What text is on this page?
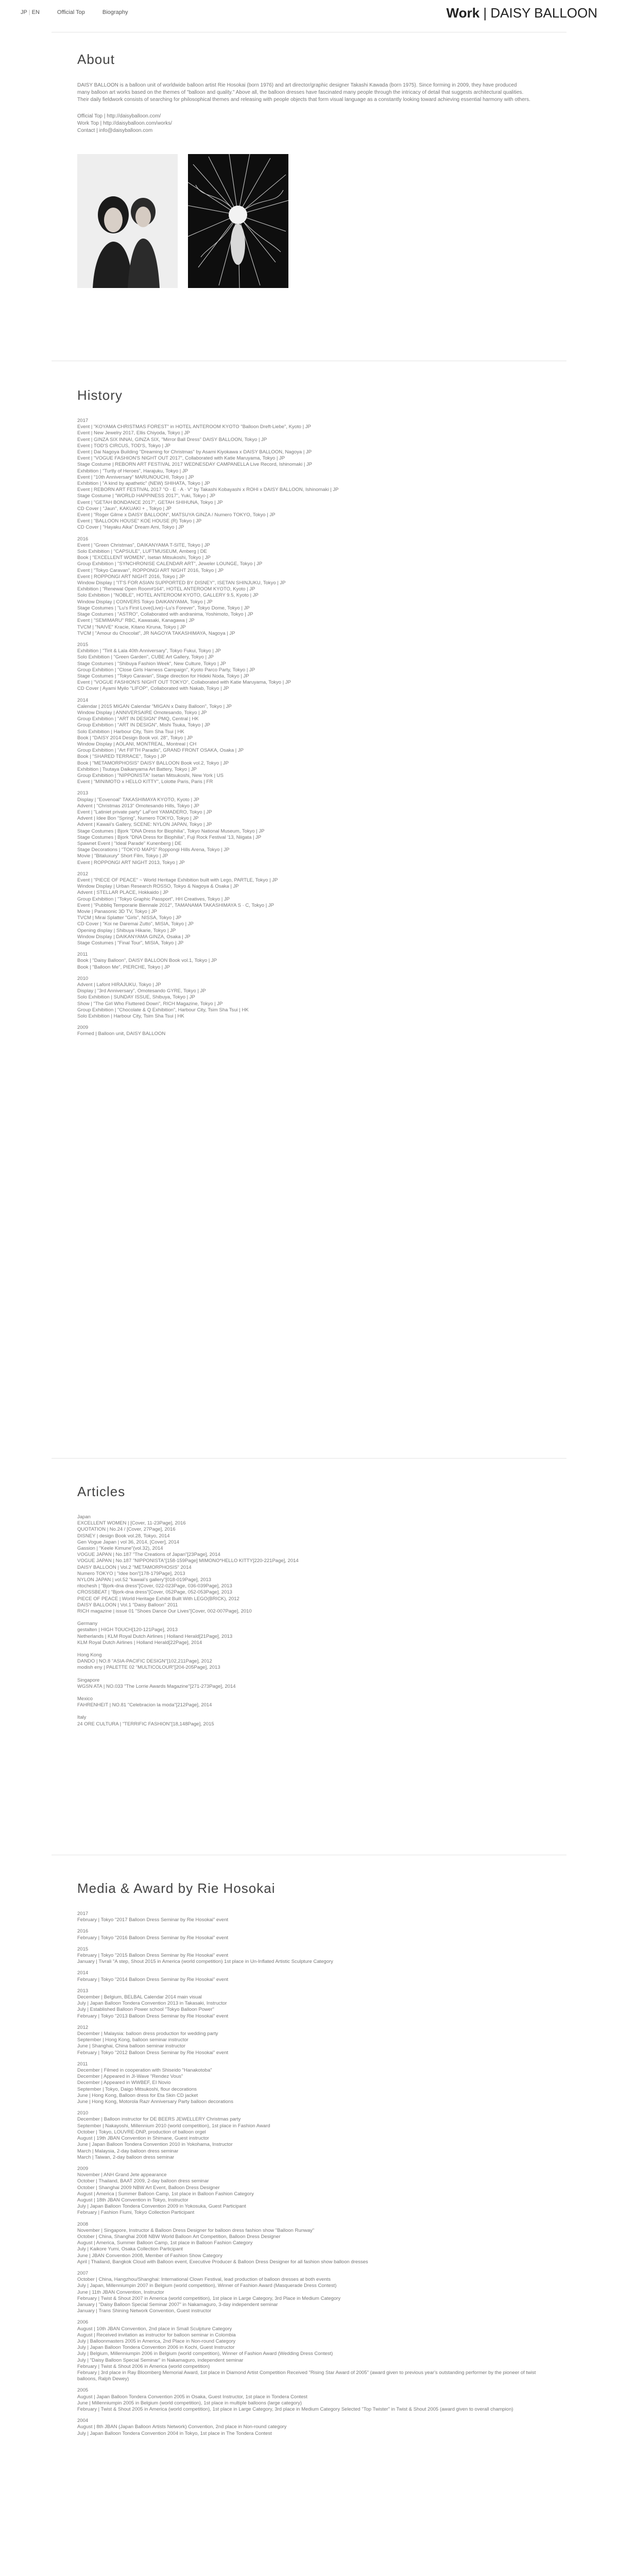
JP | EN	Official Top	Biography	Work | DAISY BALLOON
About
DAISY BALLOON is a balloon unit of worldwide balloon artist Rie Hosokai (born 1976) and art director/graphic designer Takashi Kawada (born 1975). Since forming in 2009, they have produced many balloon art works based on the themes of "balloon and quality." Above all, the balloon dresses have fascinated many people through the intricacy of detail that suggests architectural qualities. Their daily fieldwork consists of searching for philosophical themes and releasing with people objects that form visual language as a constantly looking toward achieving essential harmony with others.
Official Top | http://daisyballoon.com/
Work Top | http://daisyballoon.com/works/
Contact | info@daisyballoon.com
History
2017
Event | "KOYAMA CHRISTMAS FOREST" in HOTEL ANTEROOM KYOTO "Balloon Dreft-Liebe", Kyoto | JP
Event | New Jewelry 2017, Ellis Chiyoda, Tokyo | JP
Event | GINZA SIX INNAI, GINZA SIX, "Mirror Ball Dress" DAISY BALLOON, Tokyo | JP
Event | TOD'S CIRCUS, TOD'S, Tokyo | JP
Event | Dai Nagoya Building "Dreaming for Christmas" by Asami Kiyokawa x DAISY BALLOON, Nagoya | JP
Event | "VOGUE FASHION'S NIGHT OUT 2017", Collaborated with Katie Maruyama, Tokyo | JP
Stage Costume | REBORN ART FESTIVAL 2017 WEDNESDAY CAMPANELLA Live Record, Ishinomaki | JP
Exhibition | "Turtly of Heroes", Harajuku, Tokyo | JP
Event | "10th Anniversary" MARUNOUCHI, Tokyo | JP
Exhibition | "A kind by apathetic" (NEW) SHIHATA, Tokyo | JP
Event | REBORN ART FESTIVAL 2017 "O · E · A · V" by Takashi Kobayashi x ROHI x DAISY BALLOON, Ishinomaki | JP
Stage Costume | "WORLD HAPPINESS 2017", Yuki, Tokyo | JP
Event | "GETAH BONDANCE 2017", GETAH SHIHUNA, Tokyo | JP
CD Cover | "Jaun", KAKUAKI + , Tokyo | JP
Event | "Roger Gilme x DAISY BALLOON", MATSUYA GINZA / Numero TOKYO, Tokyo | JP
Event | "BALLOON HOUSE" KOE HOUSE (R) Tokyo | JP
CD Cover | "Hayaku Aika" Dream Ami, Tokyo | JP
2016
Event | "Green Christmas", DAIKANYAMA T-SITE, Tokyo | JP
Solo Exhibition | "CAPSULE", LUFTMUSEUM, Amberg | DE
Book | "EXCELLENT WOMEN", Isetan Mitsukoshi, Tokyo | JP
Group Exhibition | "SYNCHRONISE CALENDAR ART", Jeweler LOUNGE, Tokyo | JP
Event | "Tokyo Caravan", ROPPONGI ART NIGHT 2016, Tokyo | JP
Event | ROPPONGI ART NIGHT 2016, Tokyo | JP
Window Display | "IT'S FOR ASIAN SUPPORTED BY DISNEY", ISETAN SHINJUKU, Tokyo | JP
Exhibition | "Renewal Open Room#164", HOTEL ANTEROOM KYOTO, Kyoto | JP
Solo Exhibition | "NOBLE", HOTEL ANTEROOM KYOTO, GALLERY 9.5, Kyoto | JP
Window Display | CONVERS Tokyo DAIKANYAMA, Tokyo | JP
Stage Costumes | "Lu's First Love(Live)~Lu's Forever", Tokyo Dome, Tokyo | JP
Stage Costumes | "ASTRO", Collaborated with andranima, Yoshimoto, Tokyo | JP
Event | "SEMIMARU" RBC, Kawasaki, Kanagawa | JP
TVCM | "NAIVE" Kracie, Kitano Kiruna, Tokyo | JP
TVCM | "Amour du Chocolat", JR NAGOYA TAKASHIMAYA, Nagoya | JP
2015
Exhibition | "Tirit & Lala 40th Anniversary", Tokyo Fukui, Tokyo | JP
Solo Exhibition | "Green Garden", CUBE Art Gallery, Tokyo | JP
Stage Costumes | "Shibuya Fashion Week", New Culture, Tokyo | JP
Group Exhibition | "Close Girls Harness Campaign", Kyoto Parco Party, Tokyo | JP
Stage Costumes | "Tokyo Caravan", Stage direction for Hideki Noda, Tokyo | JP
Event | "VOGUE FASHION'S NIGHT OUT TOKYO", Collaborated with Katie Maruyama, Tokyo | JP
CD Cover | Ayami Myilo "LIFOP", Collaborated with Nakab, Tokyo | JP
2014
Calendar | 2015 MIGAN Calendar "MIGAN x Daisy Balloon", Tokyo | JP
Window Display | ANNIVERSAIRE Omotesando, Tokyo | JP
Group Exhibition | "ART IN DESIGN" PMQ, Central | HK
Group Exhibition | "ART IN DESIGN", Mishi Tsuka, Tokyo | JP
Solo Exhibition | Harbour City, Tsim Sha Tsui | HK
Book | "DAISY 2014 Design Book vol. 28", Tokyo | JP
Window Display | AOLANI, MONTREAL, Montreal | CH
Group Exhibition | "Art FIFTH Paradis", GRAND FRONT OSAKA, Osaka | JP
Book | "SHARED TERRACE", Tokyo | JP
Book | "METAMORPHOSIS" DAISY BALLOON Book vol.2, Tokyo | JP
Exhibition | Tsutaya Daikanyama Art Battery, Tokyo | JP
Group Exhibition | "NIPPONISTA" Isetan Mitsukoshi, New York | US
Event | "MINIMOTO x HELLO KITTY", Lolotte Paris, Paris | FR
2013
Display | "Eovenoal" TAKASHIMAYA KYOTO, Kyoto | JP
Advent | "Christmas 2013" Omotesando Hills, Tokyo | JP
Event | "Latiniet private party" LaFont YAMADERO, Tokyo | JP
Advent | Idee Bon "Spring", Numero TOKYO, Tokyo | JP
Advent | Kawaii's Gallery, SCENE: NYLON JAPAN, Tokyo | JP
Stage Costumes | Bjork "DNA Dress for Biophilia", Tokyo National Museum, Tokyo | JP
Stage Costumes | Bjork "DNA Dress for Biophilia", Fuji Rock Festival '13, Niigata | JP
Spawnet Event | "Ideal Parade" Kunenberg | DE
Stage Decorations | "TOKYO MAPS" Roppongi Hills Arena, Tokyo | JP
Movie | "Bitaluxury" Short Film, Tokyo | JP
Event | ROPPONGI ART NIGHT 2013, Tokyo | JP
2012
Event | "PIECE OF PEACE" ~ World Heritage Exhibition built with Lego, PARTLE, Tokyo | JP
Window Display | Urban Research ROSSO, Tokyo & Nagoya & Osaka | JP
Advent | STELLAR PLACE, Hokkaido | JP
Group Exhibition | "Tokyo Graphic Passport", HH Creatives, Tokyo | JP
Event | "Pubbliq Temporarie Biennale 2012", TAMANAMA TAKASHIMAYA S · C, Tokyo | JP
Movie | Panasonic 3D TV, Tokyo | JP
TVCM | Mirai Splatter "Girls", NISSA, Tokyo | JP
CD Cover | "Koi ne Daremai Zutto", MISIA, Tokyo | JP
Opening display | Shibuya Hikarie, Tokyo | JP
Window Display | DAIKANYAMA GINZA, Osaka | JP
Stage Costumes | "Final Tour", MISIA, Tokyo | JP
2011
Book | "Daisy Balloon", DAISY BALLOON Book vol.1, Tokyo | JP
Book | "Balloon Me", PIERCHE, Tokyo | JP
2010
Advent | Lafont HIRAJUKU, Tokyo | JP
Display | "3rd Anniversary", Omotesando GYRE, Tokyo | JP
Solo Exhibition | SUNDAY ISSUE, Shibuya, Tokyo | JP
Show | "The Girl Who Fluttered Down", RICH Magazine, Tokyo | JP
Group Exhibition | "Chocolate & Q Exhibition", Harbour City, Tsim Sha Tsui | HK
Solo Exhibition | Harbour City, Tsim Sha Tsui | HK
2009
Formed | Balloon unit, DAISY BALLOON
Articles
Japan
EXCELLENT WOMEN | [Cover, 11-23Page], 2016
QUOTATION | No.24 / [Cover, 27Page], 2016
DISNEY | design Book vol.28, Tokyo, 2014
Gen Vogue Japan | vol 36, 2014, [Cover], 2014
Gassion | "Keele Kimune"(vol.32), 2014
VOGUE JAPAN | No.187 "The Creations of Japan"[23Page], 2014
VOGUE JAPAN | No.187 "NIPPONISTA"[158-159Page] MIMONO*HELLO KITTY[220-221Page], 2014
DAISY BALLOON | Vol.2 "METAMORPHOSIS" 2014
Numero TOKYO | "Idee bon"[178-179Page], 2013
NYLON JAPAN | vol.52 "kawaii's gallery"[018-019Page], 2013
ritochesh | "Bjork-dna dress"[Cover, 022-023Page, 036-039Page], 2013
CROSSBEAT | "Bjork-dna dress"[Cover, 052Page, 052-053Page], 2013
PIECE OF PEACE | World Heritage Exhibit Built With LEGO(BRICK), 2012
DAISY BALLOON | Vol.1 "Daisy Balloon" 2011
RICH magazine | issue 01 "Shoes Dance Our Lives"[Cover, 002-007Page], 2010
Germany
gestalten | HIGH TOUCH[120-121Page], 2013
Netherlands | KLM Royal Dutch Airlines | Holland Herald[21Page], 2013
KLM Royal Dutch Airlines | Holland Herald[22Page], 2014
Hong Kong
DANDO | NO.8 "ASIA-PACIFIC DESIGN"[102,211Page], 2012
modish eny | PALETTE 02 "MULTICOLOUR"[204-205Page], 2013
Singapore
WGSN ATA | NO.033 "The Lorrie Awards Magazine"[271-273Page], 2014
Mexico
FAHRENHEIT | NO.81 "Celebracion la moda"[212Page], 2014
Italy
24 ORE CULTURA | "TERRIFIC FASHION"[18,148Page], 2015
Media & Award by Rie Hosokai
2017
February | Tokyo "2017 Balloon Dress Seminar by Rie Hosokai" event
2016
February | Tokyo "2016 Balloon Dress Seminar by Rie Hosokai" event
2015
February | Tokyo "2015 Balloon Dress Seminar by Rie Hosokai" event
January | Tivrali "A step, Shout 2015 in America (world competition) 1st place in Un-Inflated Artistic Sculpture Category
2014
February | Tokyo "2014 Balloon Dress Seminar by Rie Hosokai" event
2013
December | Belgium, BELBAL Calendar 2014 main visual
July | Japan Balloon Tondera Convention 2013 in Takasaki, Instructor
July | Established Balloon Power school "Tokyo Balloon Power"
February | Tokyo "2013 Balloon Dress Seminar by Rie Hosokai" event
2012
December | Malaysia: balloon dress production for wedding party
September | Hong Kong, balloon seminar instructor
June | Shanghai, China balloon seminar instructor
February | Tokyo "2012 Balloon Dress Seminar by Rie Hosokai" event
2011
December | Filmed in cooperation with Shiseido "Hanakotoba"
December | Appeared in JI-Wave "Rendez Vous"
December | Appeared in WWBEF, EI Novio
September | Tokyo, Daigo Mitsukoshi, flour decorations
June | Hong Kong, Balloon dress for Eta Skin CD jacket
June | Hong Kong, Motorola Razr Anniversary Party balloon decorations
2010
December | Balloon instructor for DE BEERS JEWELLERY Christmas party
September | Nakayoshi, Millennium 2010 (world competition), 1st place in Fashion Award
October | Tokyo, LOUVRE-DNP, production of balloon orgel
August | 19th JBAN Convention in Shimane, Guest instructor
June | Japan Balloon Tondera Convention 2010 in Yokohama, Instructor
March | Malaysia, 2-day balloon dress seminar
March | Taiwan, 2-day balloon dress seminar
2009
November | ANH Grand Jete appearance
October | Thailand, BAAT 2009, 2-day balloon dress seminar
October | Shanghai 2009 NBW Art Event, Balloon Dress Designer
August | America | Summer Balloon Camp, 1st place in Balloon Fashion Category
August | 18th JBAN Convention in Tokyo, Instructor
July | Japan Balloon Tondera Convention 2009 in Yokosuka, Guest Participant
February | Fashion Fiumi, Tokyo Collection Participant
2008
November | Singapore, Instructor & Balloon Dress Designer for balloon dress fashion show "Balloon Runway"
October | China, Shanghai 2008 NBW World Balloon Art Competition, Balloon Dress Designer
August | America, Summer Balloon Camp, 1st place in Balloon Fashion Category
July | Kaikore Yumi, Osaka Collection Participant
June | JBAN Convention 2008, Member of Fashion Show Category
April | Thailand, Bangkok Cloud with Balloon event, Executive Producer & Balloon Dress Designer for all fashion show balloon dresses
2007
October | China, Hangzhou/Shanghai: International Clown Festival, lead production of balloon dresses at both events
July | Japan, Millenniumpin 2007 in Belgium (world competition), Winner of Fashion Award (Masquerade Dress Contest)
June | 11th JBAN Convention, Instructor
February | Twist & Shout 2007 in America (world competition), 1st place in Large Category, 3rd Place in Medium Category
January | "Daisy Balloon Special Seminar 2007" in Nakamaguro, 3-day independent seminar
January | Trans Shining Network Convention, Guest instructor
2006
August | 10th JBAN Convention, 2nd place in Small Sculpture Category
August | Received invitation as instructor for balloon seminar in Colombia
July | Balloonmasters 2005 in America, 2nd Place in Non-round Category
July | Japan Balloon Tondera Convention 2006 in Kochi, Guest Instructor
July | Belgium, Millenniumpin 2006 in Belgium (world competition), Winner of Fashion Award (Wedding Dress Contest)
July | "Daisy Balloon Special Seminar" in Nakamaguro, independent seminar
February | Twist & Shout 2006 in America (world competition)
February | 3rd place in Ray Bloomberg Memorial Award, 1st place in Diamond Artist Competition Received "Rising Star Award of 2005" (award given to previous year's outstanding performer by the pioneer of twist balloons, Ralph Dewey)
2005
August | Japan Balloon Tondera Convention 2005 in Osaka, Guest Instructor, 1st place in Tondera Contest
June | Millenniumpin 2005 in Belgium (world competition), 1st place in multiple balloons (large category)
February | Twist & Shout 2005 in America (world competition), 1st place in Large Category, 3rd place in Medium Category Selected "Top Twister" in Twist & Shout 2005 (award given to overall champion)
2004
August | 8th JBAN (Japan Balloon Artists Network) Convention, 2nd place in Non-round category
July | Japan Balloon Tondera Convention 2004 in Tokyo, 1st place in The Tondera Contest
